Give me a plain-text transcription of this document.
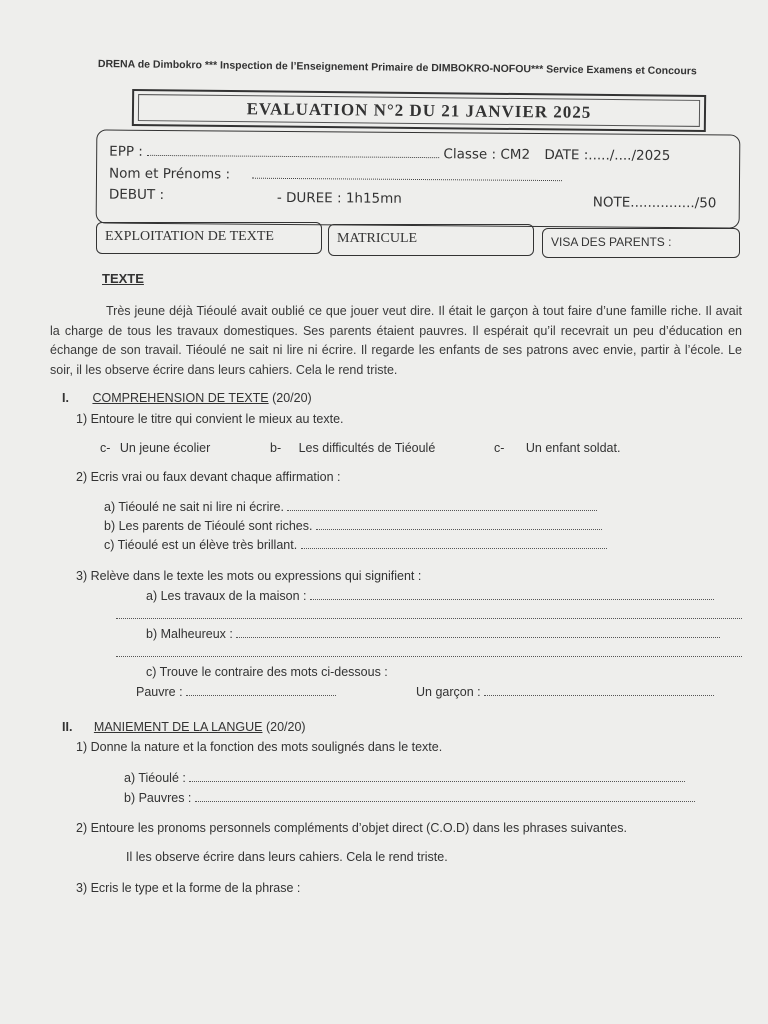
DRENA de Dimbokro *** Inspection de l’Enseignement Primaire de DIMBOKRO-NOFOU*** Service Examens et Concours
EVALUATION N°2 DU 21 JANVIER 2025
EPP :	Classe : CM2 DATE :...../..../2025
Nom et Prénoms :
DEBUT :	- DUREE : 1h15mn	NOTE.............../50
EXPLOITATION DE TEXTE	MATRICULE	VISA DES PARENTS :
TEXTE

Très jeune déjà Tiéoulé avait oublié ce que jouer veut dire. Il était le garçon à tout faire d’une famille riche. Il avait la charge de tous les travaux domestiques. Ses parents étaient pauvres. Il espérait qu’il recevrait un peu d’éducation en échange de son travail. Tiéoulé ne sait ni lire ni écrire. Il regarde les enfants de ses patrons avec envie, partir à l’école. Le soir, il les observe écrire dans leurs cahiers. Cela le rend triste.

I. COMPREHENSION DE TEXTE (20/20)
1) Entoure le titre qui convient le mieux au texte.
c- Un jeune écolier	b- Les difficultés de Tiéoulé	c- Un enfant soldat.
2) Ecris vrai ou faux devant chaque affirmation :
a) Tiéoulé ne sait ni lire ni écrire.
b) Les parents de Tiéoulé sont riches.
c) Tiéoulé est un élève très brillant.
3) Relève dans le texte les mots ou expressions qui signifient :
a) Les travaux de la maison :
b) Malheureux :
c) Trouve le contraire des mots ci-dessous :
Pauvre :	Un garçon :
II. MANIEMENT DE LA LANGUE (20/20)
1) Donne la nature et la fonction des mots soulignés dans le texte.
a) Tiéoulé :
b) Pauvres :
2) Entoure les pronoms personnels compléments d’objet direct (C.O.D) dans les phrases suivantes.
Il les observe écrire dans leurs cahiers. Cela le rend triste.
3) Ecris le type et la forme de la phrase :
